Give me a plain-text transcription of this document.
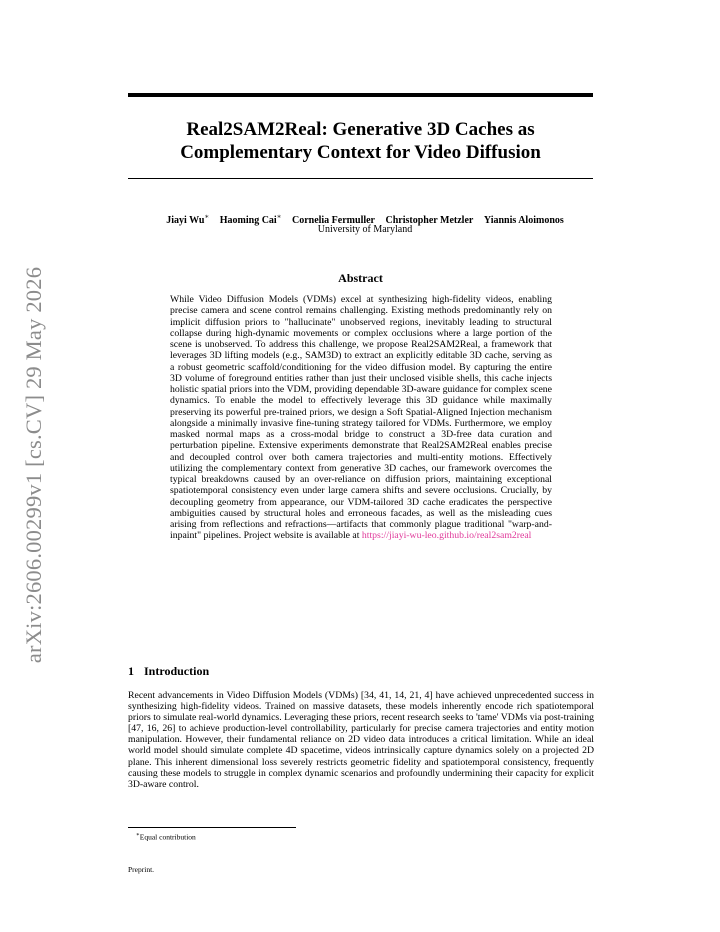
arXiv:2606.00299v1 [cs.CV] 29 May 2026
Real2SAM2Real: Generative 3D Caches as
Complementary Context for Video Diffusion
Jiayi Wu∗ Haoming Cai∗ Cornelia Fermuller Christopher Metzler Yiannis Aloimonos
University of Maryland
Abstract
While Video Diffusion Models (VDMs) excel at synthesizing high-fidelity videos, enabling precise camera and scene control remains challenging. Existing methods predominantly rely on implicit diffusion priors to "hallucinate" unobserved regions, inevitably leading to structural collapse during high-dynamic movements or complex occlusions where a large portion of the scene is unobserved. To address this challenge, we propose Real2SAM2Real, a framework that leverages 3D lifting models (e.g., SAM3D) to extract an explicitly editable 3D cache, serving as a robust geometric scaffold/conditioning for the video diffusion model. By capturing the entire 3D volume of foreground entities rather than just their unclosed visible shells, this cache injects holistic spatial priors into the VDM, providing dependable 3D-aware guidance for complex scene dynamics. To enable the model to effectively leverage this 3D guidance while maximally preserving its powerful pre-trained priors, we design a Soft Spatial-Aligned Injection mechanism alongside a minimally invasive fine-tuning strategy tailored for VDMs. Furthermore, we employ masked normal maps as a cross-modal bridge to construct a 3D-free data curation and perturbation pipeline. Extensive experiments demonstrate that Real2SAM2Real enables precise and decoupled control over both camera trajectories and multi-entity motions. Effectively utilizing the complementary context from generative 3D caches, our framework overcomes the typical breakdowns caused by an over-reliance on diffusion priors, maintaining exceptional spatiotemporal consistency even under large camera shifts and severe occlusions. Crucially, by decoupling geometry from appearance, our VDM-tailored 3D cache eradicates the perspective ambiguities caused by structural holes and erroneous facades, as well as the misleading cues arising from reflections and refractions—artifacts that commonly plague traditional "warp-and-inpaint" pipelines. Project website is available at https://jiayi-wu-leo.github.io/real2sam2real
1 Introduction
Recent advancements in Video Diffusion Models (VDMs) [34, 41, 14, 21, 4] have achieved unprecedented success in synthesizing high-fidelity videos. Trained on massive datasets, these models inherently encode rich spatiotemporal priors to simulate real-world dynamics. Leveraging these priors, recent research seeks to 'tame' VDMs via post-training [47, 16, 26] to achieve production-level controllability, particularly for precise camera trajectories and entity motion manipulation. However, their fundamental reliance on 2D video data introduces a critical limitation. While an ideal world model should simulate complete 4D spacetime, videos intrinsically capture dynamics solely on a projected 2D plane. This inherent dimensional loss severely restricts geometric fidelity and spatiotemporal consistency, frequently causing these models to struggle in complex dynamic scenarios and profoundly undermining their capacity for explicit 3D-aware control.
∗Equal contribution
Preprint.
